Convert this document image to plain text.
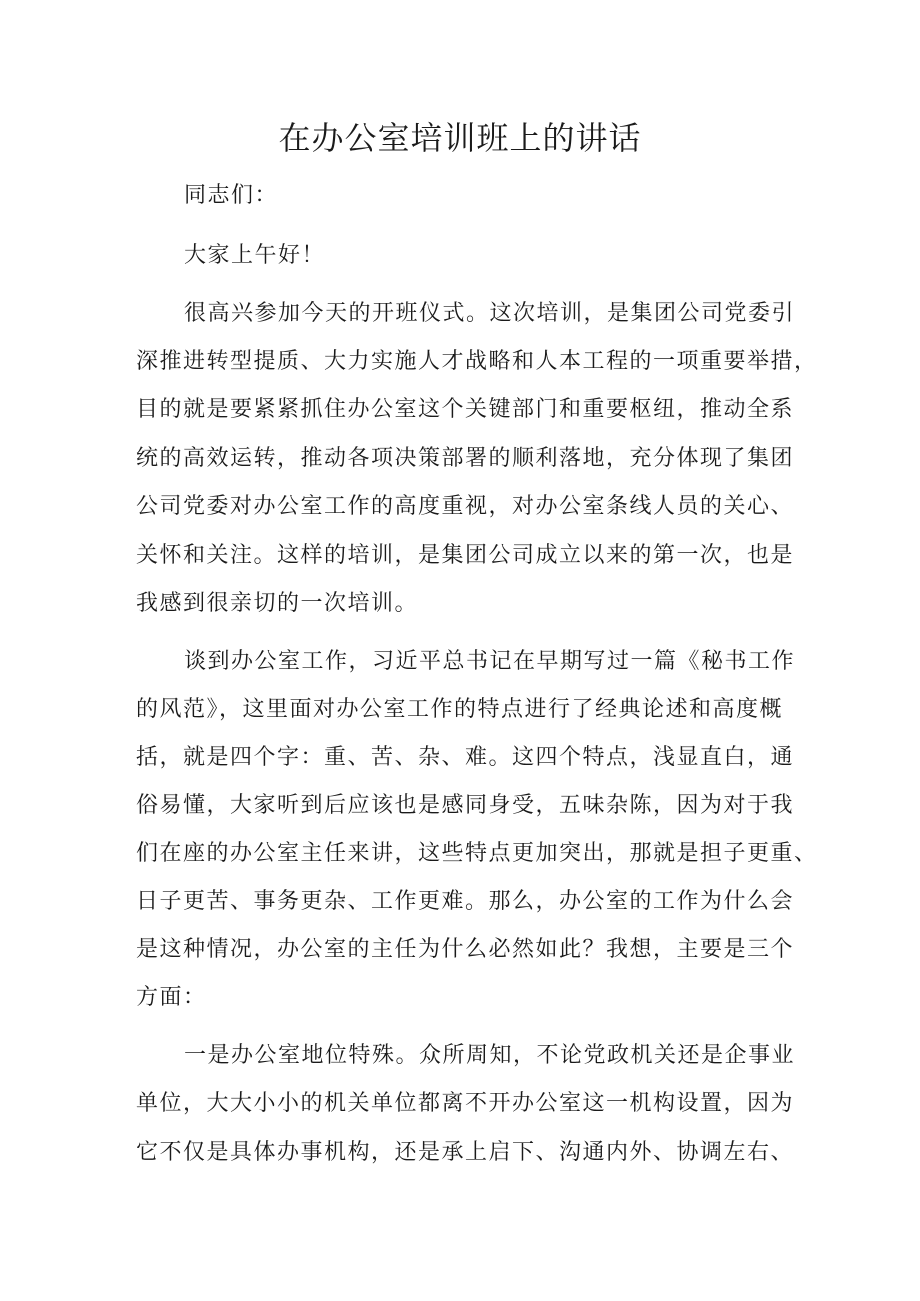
在办公室培训班上的讲话
同志们：
大家上午好！
很高兴参加今天的开班仪式。这次培训，是集团公司党委引
深推进转型提质、大力实施人才战略和人本工程的一项重要举措，
目的就是要紧紧抓住办公室这个关键部门和重要枢纽，推动全系
统的高效运转，推动各项决策部署的顺利落地，充分体现了集团
公司党委对办公室工作的高度重视，对办公室条线人员的关心、
关怀和关注。这样的培训，是集团公司成立以来的第一次，也是
我感到很亲切的一次培训。
谈到办公室工作，习近平总书记在早期写过一篇《秘书工作
的风范》，这里面对办公室工作的特点进行了经典论述和高度概
括，就是四个字：重、苦、杂、难。这四个特点，浅显直白，通
俗易懂，大家听到后应该也是感同身受，五味杂陈，因为对于我
们在座的办公室主任来讲，这些特点更加突出，那就是担子更重、
日子更苦、事务更杂、工作更难。那么，办公室的工作为什么会
是这种情况，办公室的主任为什么必然如此？我想，主要是三个
方面：
一是办公室地位特殊。众所周知，不论党政机关还是企事业
单位，大大小小的机关单位都离不开办公室这一机构设置，因为
它不仅是具体办事机构，还是承上启下、沟通内外、协调左右、
